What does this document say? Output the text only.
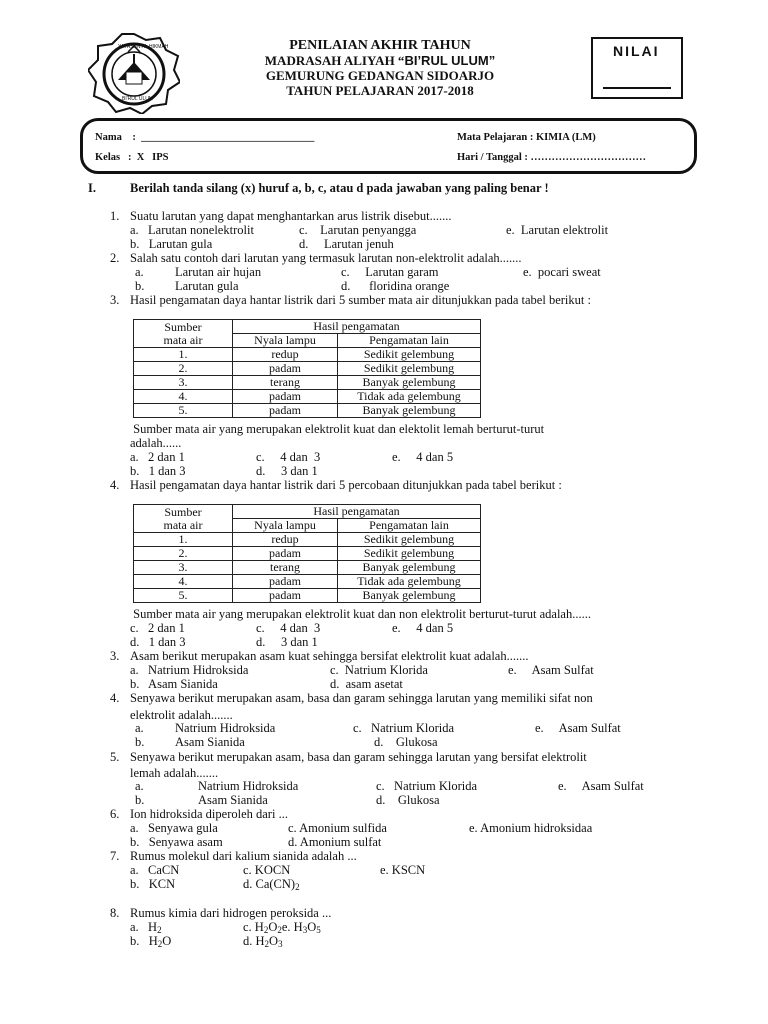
YAYASAN AL HIKMAH
BI'RUL ULUM
PENILAIAN AKHIR TAHUN
MADRASAH ALIYAH “BI’RUL ULUM”
GEMURUNG GEDANGAN SIDOARJO
TAHUN PELAJARAN 2017-2018
NILAI
Nama    :  _________________________________
Kelas   :  X   IPS
Mata Pelajaran : KIMIA (LM)
Hari / Tanggal : ……………………………
I.	Berilah tanda silang (x) huruf a, b, c, atau d pada jawaban yang paling benar !
1. Suatu larutan yang dapat menghantarkan arus listrik disebut.......
a.   Larutan nonelektrolit	c.    Larutan penyangga	e.  Larutan elektrolit
b.   Larutan gula	d.     Larutan jenuh
2. Salah satu contoh dari larutan yang termasuk larutan non-elektrolit adalah.......
a.	Larutan air hujan	c.     Larutan garam	e.  pocari sweat
b. Larutan gula	d.      floridina orange
3. Hasil pengamatan daya hantar listrik dari 5 sumber mata air ditunjukkan pada tabel berikut :
Sumber
mata air	Hasil pengamatan	
	Nyala lampu	Pengamatan lain
1.	redup	Sedikit gelembung
2.	padam	Sedikit gelembung
3.	terang	Banyak gelembung
4.	padam	Tidak ada gelembung
5.	padam	Banyak gelembung
Sumber mata air yang merupakan elektrolit kuat dan elektolit lemah berturut-turut
adalah......
a.   2 dan 1	c.     4 dan  3	e.     4 dan 5
b.   1 dan 3	d.     3 dan 1
4. Hasil pengamatan daya hantar listrik dari 5 percobaan ditunjukkan pada tabel berikut :
Sumber
mata air	Hasil pengamatan	
	Nyala lampu	Pengamatan lain
1.	redup	Sedikit gelembung
2.	padam	Sedikit gelembung
3.	terang	Banyak gelembung
4.	padam	Tidak ada gelembung
5.	padam	Banyak gelembung
Sumber mata air yang merupakan elektrolit kuat dan non elektrolit berturut-turut adalah......
c.   2 dan 1	c.     4 dan  3	e.     4 dan 5
d.   1 dan 3	d.     3 dan 1
3. Asam berikut merupakan asam kuat sehingga bersifat elektrolit kuat adalah.......
a.   Natrium Hidroksida	c.  Natrium Klorida	e.     Asam Sulfat
b.   Asam Sianida	d.  asam asetat
4. Senyawa berikut merupakan asam, basa dan garam sehingga larutan yang memiliki sifat non
elektrolit adalah.......
a.	Natrium Hidroksida	c.   Natrium Klorida	e.     Asam Sulfat
b. Asam Sianida	d.    Glukosa
5. Senyawa berikut merupakan asam, basa dan garam sehingga larutan yang bersifat elektrolit
lemah adalah.......
a.	Natrium Hidroksida	c.   Natrium Klorida	e.     Asam Sulfat
b.	Asam Sianida	d.    Glukosa
6. Ion hidroksida diperoleh dari ...
a.   Senyawa gula	c. Amonium sulfida	e. Amonium hidroksidaa
b.   Senyawa asam	d. Amonium sulfat
7. Rumus molekul dari kalium sianida adalah ...
a.   CaCN	c. KOCN	e. KSCN
b.   KCN	d. $Ca(CN)_2$
8. Rumus kimia dari hidrogen peroksida ...
a.   $H_2$	c. $H_2O_2e$. $H_3O_5$
b.   $H_2O$	d. $H_2O_3$
